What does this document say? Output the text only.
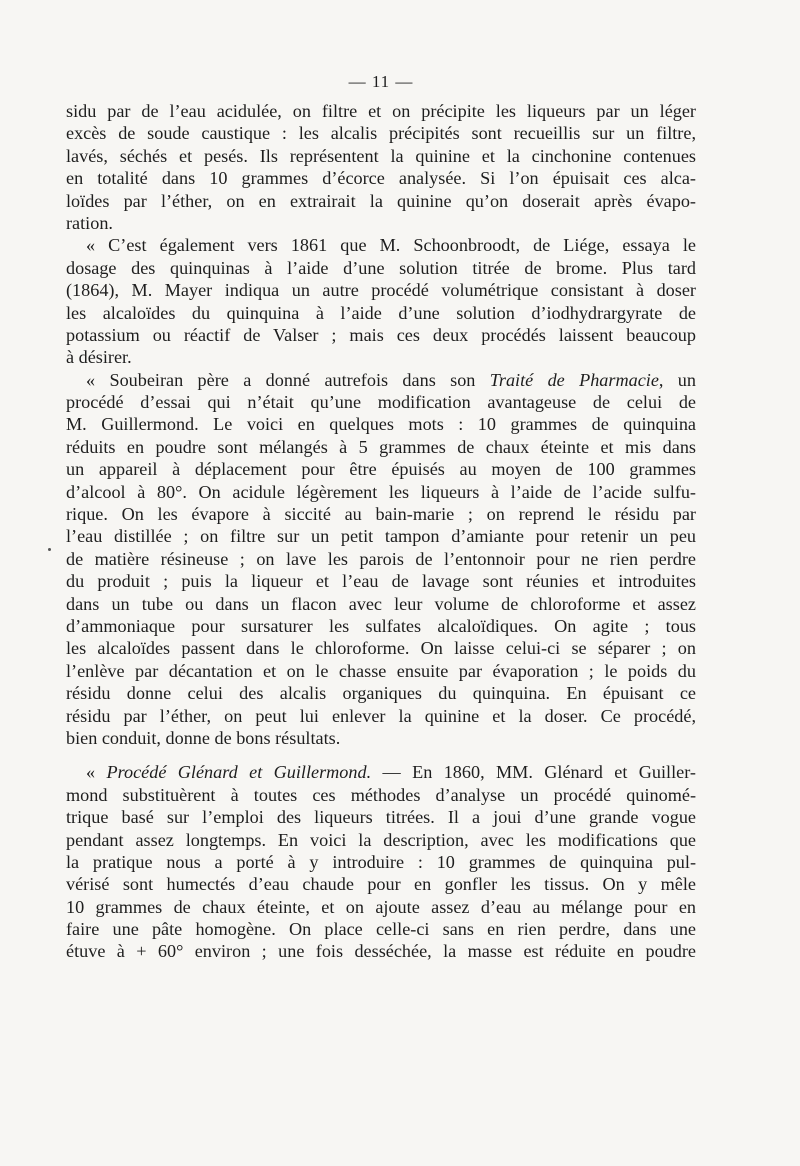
— 11 —
sidu par de l’eau acidulée, on filtre et on précipite les liqueurs par un léger
excès de soude caustique : les alcalis précipités sont recueillis sur un filtre,
lavés, séchés et pesés. Ils représentent la quinine et la cinchonine contenues
en totalité dans 10 grammes d’écorce analysée. Si l’on épuisait ces alca-
loïdes par l’éther, on en extrairait la quinine qu’on doserait après évapo-
ration.
« C’est également vers 1861 que M. Schoonbroodt, de Liége, essaya le
dosage des quinquinas à l’aide d’une solution titrée de brome. Plus tard
(1864), M. Mayer indiqua un autre procédé volumétrique consistant à doser
les alcaloïdes du quinquina à l’aide d’une solution d’iodhydrargyrate de
potassium ou réactif de Valser ; mais ces deux procédés laissent beaucoup
à désirer.
« Soubeiran père a donné autrefois dans son Traité de Pharmacie, un
procédé d’essai qui n’était qu’une modification avantageuse de celui de
M. Guillermond. Le voici en quelques mots : 10 grammes de quinquina
réduits en poudre sont mélangés à 5 grammes de chaux éteinte et mis dans
un appareil à déplacement pour être épuisés au moyen de 100 grammes
d’alcool à 80°. On acidule légèrement les liqueurs à l’aide de l’acide sulfu-
rique. On les évapore à siccité au bain-marie ; on reprend le résidu par
l’eau distillée ; on filtre sur un petit tampon d’amiante pour retenir un peu
de matière résineuse ; on lave les parois de l’entonnoir pour ne rien perdre
du produit ; puis la liqueur et l’eau de lavage sont réunies et introduites
dans un tube ou dans un flacon avec leur volume de chloroforme et assez
d’ammoniaque pour sursaturer les sulfates alcaloïdiques. On agite ; tous
les alcaloïdes passent dans le chloroforme. On laisse celui-ci se séparer ; on
l’enlève par décantation et on le chasse ensuite par évaporation ; le poids du
résidu donne celui des alcalis organiques du quinquina. En épuisant ce
résidu par l’éther, on peut lui enlever la quinine et la doser. Ce procédé,
bien conduit, donne de bons résultats.
« Procédé Glénard et Guillermond. — En 1860, MM. Glénard et Guiller-
mond substituèrent à toutes ces méthodes d’analyse un procédé quinomé-
trique basé sur l’emploi des liqueurs titrées. Il a joui d’une grande vogue
pendant assez longtemps. En voici la description, avec les modifications que
la pratique nous a porté à y introduire : 10 grammes de quinquina pul-
vérisé sont humectés d’eau chaude pour en gonfler les tissus. On y mêle
10 grammes de chaux éteinte, et on ajoute assez d’eau au mélange pour en
faire une pâte homogène. On place celle-ci sans en rien perdre, dans une
étuve à + 60° environ ; une fois desséchée, la masse est réduite en poudre
